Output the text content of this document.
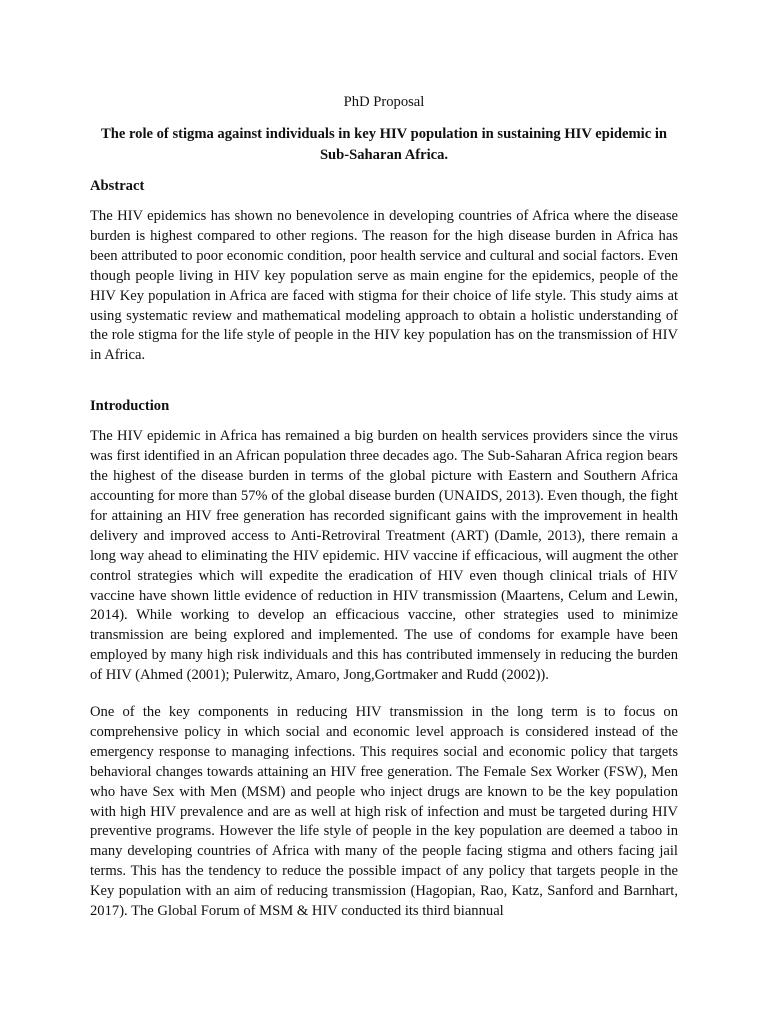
PhD Proposal
The role of stigma against individuals in key HIV population in sustaining HIV epidemic in Sub-Saharan Africa.
Abstract

The HIV epidemics has shown no benevolence in developing countries of Africa where the disease burden is highest compared to other regions. The reason for the high disease burden in Africa has been attributed to poor economic condition, poor health service and cultural and social factors. Even though people living in HIV key population serve as main engine for the epidemics, people of the HIV Key population in Africa are faced with stigma for their choice of life style. This study aims at using systematic review and mathematical modeling approach to obtain a holistic understanding of the role stigma for the life style of people in the HIV key population has on the transmission of HIV in Africa.

Introduction

The HIV epidemic in Africa has remained a big burden on health services providers since the virus was first identified in an African population three decades ago. The Sub-Saharan Africa region bears the highest of the disease burden in terms of the global picture with Eastern and Southern Africa accounting for more than 57% of the global disease burden (UNAIDS, 2013). Even though, the fight for attaining an HIV free generation has recorded significant gains with the improvement in health delivery and improved access to Anti-Retroviral Treatment (ART) (Damle, 2013), there remain a long way ahead to eliminating the HIV epidemic. HIV vaccine if efficacious, will augment the other control strategies which will expedite the eradication of HIV even though clinical trials of HIV vaccine have shown little evidence of reduction in HIV transmission (Maartens, Celum and Lewin, 2014). While working to develop an efficacious vaccine, other strategies used to minimize transmission are being explored and implemented. The use of condoms for example have been employed by many high risk individuals and this has contributed immensely in reducing the burden of HIV (Ahmed (2001); Pulerwitz, Amaro, Jong,Gortmaker and Rudd (2002)).

One of the key components in reducing HIV transmission in the long term is to focus on comprehensive policy in which social and economic level approach is considered instead of the emergency response to managing infections. This requires social and economic policy that targets behavioral changes towards attaining an HIV free generation. The Female Sex Worker (FSW), Men who have Sex with Men (MSM) and people who inject drugs are known to be the key population with high HIV prevalence and are as well at high risk of infection and must be targeted during HIV preventive programs. However the life style of people in the key population are deemed a taboo in many developing countries of Africa with many of the people facing stigma and others facing jail terms. This has the tendency to reduce the possible impact of any policy that targets people in the Key population with an aim of reducing transmission (Hagopian, Rao, Katz, Sanford and Barnhart, 2017). The Global Forum of MSM & HIV conducted its third biannual
